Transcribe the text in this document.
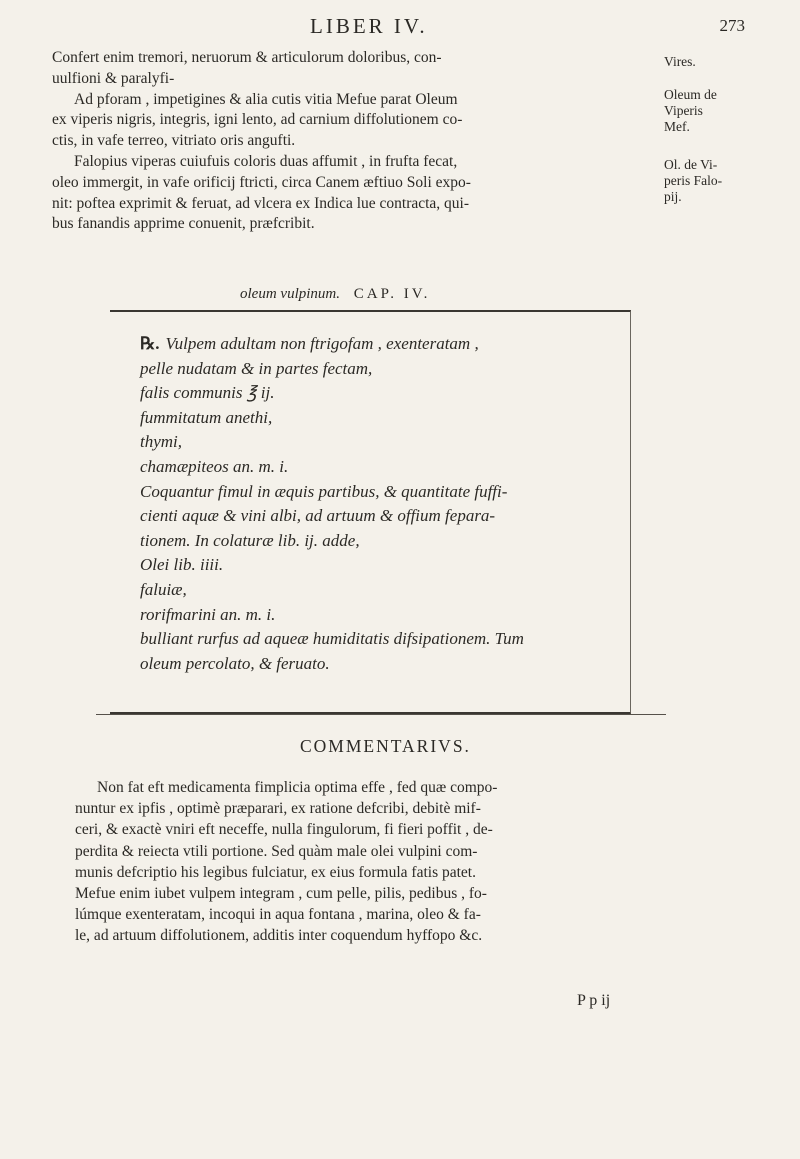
LIBER IV.	273

Confert enim tremori, neruorum & articulorum doloribus, con-

uulfioni & paralyfi-

Ad pforam , impetigines & alia cutis vitia Mefue parat Oleum

ex viperis nigris, integris, igni lento, ad carnium diffolutionem co-

ctis, in vafe terreo, vitriato oris angufti.

Falopius viperas cuiufuis coloris duas affumit , in frufta fecat,

oleo immergit, in vafe orificij ftricti, circa Canem æftiuo Soli expo-

nit: poftea exprimit & feruat, ad vlcera ex Indica lue contracta, qui-

bus fanandis apprime conuenit, præfcribit.

Vires.
Oleum de
Viperis
Mef.
Ol. de Vi-
peris Falo-
pij.
oleum vulpinum. CAP. IV.

℞. Vulpem adultam non ftrigofam , exenteratam ,

pelle nudatam & in partes fectam,

falis communis ℥ ij.

fummitatum anethi,

thymi,

chamæpiteos an. m. i.

Coquantur fimul in æquis partibus, & quantitate fuffi-

cienti aquæ & vini albi, ad artuum & offium fepara-

tionem. In colaturæ lib. ij. adde,

Olei lib. iiii.

faluiæ,

rorifmarini an. m. i.

bulliant rurfus ad aqueæ humiditatis difsipationem. Tum

oleum percolato, & feruato.

COMMENTARIVS.

Non fat eft medicamenta fimplicia optima effe , fed quæ compo-

nuntur ex ipfis , optimè præparari, ex ratione defcribi, debitè mif-

ceri, & exactè vniri eft neceffe, nulla fingulorum, fi fieri poffit , de-

perdita & reiecta vtili portione. Sed quàm male olei vulpini com-

munis defcriptio his legibus fulciatur, ex eius formula fatis patet.

Mefue enim iubet vulpem integram , cum pelle, pilis, pedibus , fo-

lúmque exenteratam, incoqui in aqua fontana , marina, oleo & fa-

le, ad artuum diffolutionem, additis inter coquendum hyffopo &c.

P p ij
